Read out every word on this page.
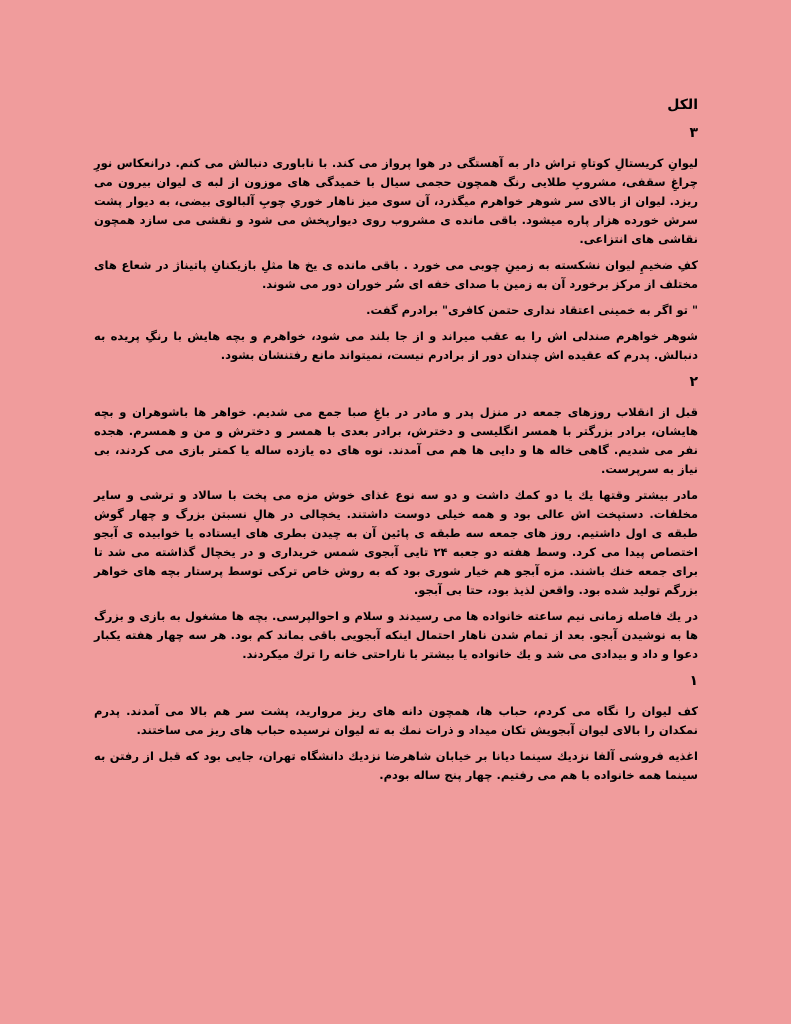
الکل
۳

لیوانِ کریستالِ کوتاهِ تراش دار به آهستگی در هوا پرواز می کند. با ناباوری دنبالش می کنم. درانعکاس نورِ چراغِ سقفی، مشروبِ طلایی رنگ همچون حجمی سیال با خمیدگی های موزون از لبه ی لیوان بیرون می ریزد. لیوان از بالای سر شوهر خواهرم میگذرد، آن سوی میز ناهار خوریِ چوبِ آلبالوی بیضی، به دیوار پشت سرش خورده هزار پاره میشود. باقی مانده ی مشروب روی دیوارپخش می شود و نقشی می سازد همچون نقاشی های انتزاعی.

کفِ ضخیمِ لیوان نشکسته به زمینِ چوبی می خورد . باقی مانده ی یخ ها مثلِ بازیکنانِ پاتیناژ در شعاع های مختلف از مرکز برخورد آن به زمین با صدای خفه ای سُر خوران دور می شوند.

" تو اگر به خمینی اعتقاد نداری حتمن کافری" برادرم گفت.

شوهر خواهرم صندلی اش را به عقب میراند و از جا بلند می شود، خواهرم و بچه هایش با رنگِ پریده به دنبالش. پدرم که عقیده اش چندان دور از برادرم نیست، نمیتواند مانع رفتنشان بشود.

۲

قبل از انقلاب روزهای جمعه در منزل پدر و مادر در باغِ صبا جمع می شدیم. خواهر ها باشوهران و بچه هایشان، برادر بزرگتر با همسر انگلیسی و دخترش، برادر بعدی با همسر و دخترش و من و همسرم. هجده نفر می شدیم. گاهی خاله ها و دایی ها هم می آمدند. نوه های ده یازده ساله یا کمتر بازی می کردند، بی نیاز به سرپرست.

مادر بیشتر وقتها یك یا دو كمك داشت و دو سه نوع غذای خوش مزه می پخت با سالاد و ترشی و سایر مخلفات. دستپخت اش عالی بود و همه خیلی دوست داشتند. یخچالی در هالِ نسبتن بزرگ و چهار گوش طبقه ی اول داشتیم. روز های جمعه سه طبقه ی پائین آن به چیدن بطری های ایستاده یا خوابیده ی آبجو اختصاص پیدا می كرد. وسط هفته دو جعبه ۲۴ تایی آبجوی شمس خریداری و در یخچال گذاشته می شد تا برای جمعه خنك باشند. مزه آبجو هم خیار شوری بود كه به روش خاص تركی توسط پرستار بچه های خواهر بزرگم تولید شده بود. واقعن لذیذ بود، حتا بی آبجو.

در یك فاصله زمانی نیم ساعته خانواده ها می رسیدند و سلام و احوالپرسی. بچه ها مشغول به بازی و بزرگ ها به نوشیدن آبجو. بعد از تمام شدن ناهار احتمال اینكه آبجویی باقی بماند كم بود. هر سه چهار هفته یكبار دعوا و داد و بیدادی می شد و یك خانواده یا بیشتر با ناراحتی خانه را ترك میكردند.

۱

كف لیوان را نگاه می كردم، حباب ها، همچون دانه های ریز مروارید، پشت سر هم بالا می آمدند. پدرم نمكدان را بالای لیوان آبجویش تكان میداد و ذرات نمك به ته لیوان نرسیده حباب های ریز می ساختند.

اغذیه فروشی آلفا نزدیك سینما دیانا بر خیابان شاهرضا نزدیك دانشگاه تهران، جایی بود كه قبل از رفتن به سینما همه خانواده با هم می رفتیم. چهار پنج ساله بودم.
